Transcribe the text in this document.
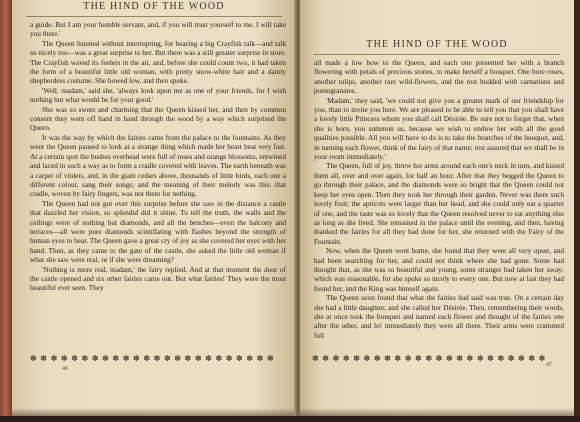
THE HIND OF THE WOOD

a guide. But I am your humble servant, and, if you will trust yourself to me, I will take you there.'

The Queen listened without interrupting, for hearing a big Crayfish talk—and talk so nicely too—was a great surprise to her. But there was a still greater surprise in store. The Crayfish waved its feelers in the air, and, before she could count two, it had taken the form of a beautiful little old woman, with pretty snow-white hair and a dainty shepherdess costume. She bowed low, and then spoke.

'Well, madam,' said she, 'always look upon me as one of your friends, for I wish nothing but what would be for your good.'

She was so sweet and charming that the Queen kissed her, and then by common consent they went off hand in hand through the wood by a way which surprised the Queen.

It was the way by which the fairies came from the palace to the fountains. As they went the Queen paused to look at a strange thing which made her heart beat very fast. At a certain spot the bushes overhead were full of roses and orange blossoms, entwined and laced in such a way as to form a cradle covered with leaves. The earth beneath was a carpet of violets, and, in the giant cedars above, thousands of little birds, each one a different colour, sang their songs; and the meaning of their melody was this: that cradle, woven by fairy fingers, was not there for nothing.

The Queen had not got over this surprise before she saw in the distance a castle that dazzled her vision, so splendid did it shine. To tell the truth, the walls and the ceilings were of nothing but diamonds, and all the benches—even the balcony and terraces—all were pure diamonds scintillating with flashes beyond the strength of human eyes to bear. The Queen gave a great cry of joy as she covered her eyes with her hand. Then, as they came to the gate of the castle, she asked the little old woman if what she saw were real, or if she were dreaming?

'Nothing is more real, madam,' the fairy replied. And at that moment the door of the castle opened and six other fairies came out. But what fairies! They were the most beautiful ever seen. They

✽✽✽✽✽✽✽✽✽✽✽✽✽✽✽✽✽✽✽✽✽✽✽✽
46
THE HIND OF THE WOOD

all made a low bow to the Queen, and each one presented her with a branch flowering with petals of precious stones, to make herself a bouquet. One bore roses, another tulips, another rare wild-flowers, and the rest budded with carnations and pomegranates.

'Madam,' they said, 'we could not give you a greater mark of our friendship for you, than to invite you here. We are pleased to be able to tell you that you shall have a lovely little Princess whom you shall call Désirée. Be sure not to forget that, when she is born, you summon us, because we wish to endow her with all the good qualities possible. All you will have to do is to take the branches of the bouquet, and, in naming each flower, think of the fairy of that name; rest assured that we shall be in your room immediately.'

The Queen, full of joy, threw her arms around each one's neck in turn, and kissed them all, over and over again, for half an hour. After that they begged the Queen to go through their palace, and the diamonds were so bright that the Queen could not keep her eyes open. Then they took her through their garden. Never was there such lovely fruit; the apricots were larger than her head, and she could only eat a quarter of one, and the taste was so lovely that the Queen resolved never to eat anything else as long as she lived. She remained in the palace until the evening, and then, having thanked the fairies for all they had done for her, she returned with the Fairy of the Fountain.

Now, when the Queen went home, she found that they were all very upset, and had been searching for her, and could not think where she had gone. Some had thought that, as she was so beautiful and young, some stranger had taken her away: which was reasonable, for she spoke so nicely to every one. But now at last they had found her, and the King was himself again.

The Queen soon found that what the fairies had said was true. On a certain day she had a little daughter, and she called her Désirée. Then, remembering their words, she at once took the bouquet and named each flower and thought of the fairies one after the other, and lo! immediately they were all there. Their arms were crammed full

✽✽✽✽✽✽✽✽✽✽✽✽✽✽✽✽✽✽✽✽✽✽✽
47
